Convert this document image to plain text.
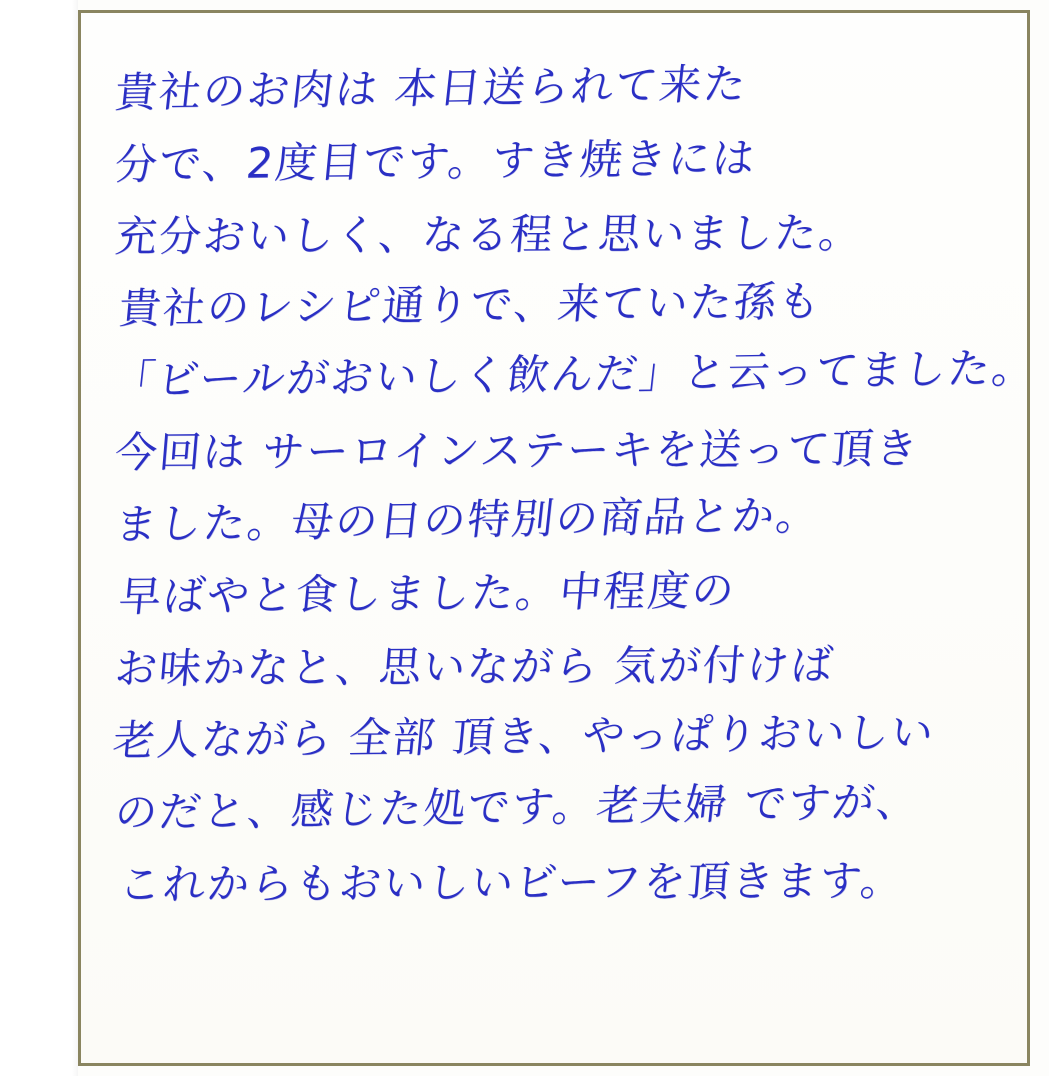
貴社のお肉は 本日送られて来た
分で、2度目です。すき焼きには
充分おいしく、なる程と思いました。
貴社のレシピ通りで、来ていた孫も
「ビールがおいしく飲んだ」と云ってました。
今回は サーロインステーキを送って頂き
ました。母の日の特別の商品とか。
早ばやと食しました。中程度の
お味かなと、思いながら 気が付けば
老人ながら 全部 頂き、やっぱりおいしい
のだと、感じた処です。老夫婦 ですが、
これからもおいしいビーフを頂きます。
